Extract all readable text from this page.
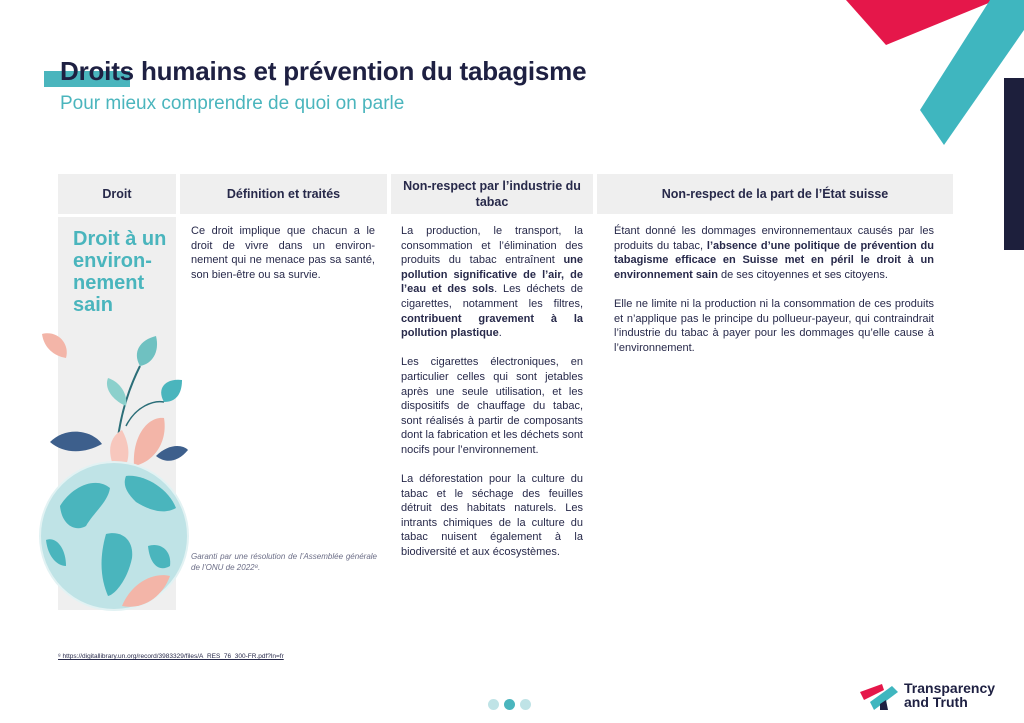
Droits humains et prévention du tabagisme
Pour mieux comprendre de quoi on parle
Droit	Définition et traités
Non-respect par l’industrie du tabac
Non-respect de la part de l’État suisse
Droit à un environ-nement sain
Ce droit implique que chacun a le droit de vivre dans un environ-nement qui ne menace pas sa santé, son bien-être ou sa survie.
Garanti par une résolution de l’Assemblée générale de l’ONU de 2022⁸.

La production, le transport, la consommation et l’élimination des produits du tabac entraînent une pollution significative de l’air, de l’eau et des sols. Les déchets de cigarettes, notamment les filtres, contribuent gravement à la pollution plastique.

Les cigarettes électroniques, en particulier celles qui sont jetables après une seule utilisation, et les dispositifs de chauffage du tabac, sont réalisés à partir de composants dont la fabrication et les déchets sont nocifs pour l’environnement.

La déforestation pour la culture du tabac et le séchage des feuilles détruit des habitats naturels. Les intrants chimiques de la culture du tabac nuisent également à la biodiversité et aux écosystèmes.

Étant donné les dommages environnementaux causés par les produits du tabac, l’absence d’une politique de prévention du tabagisme efficace en Suisse met en péril le droit à un environnement sain de ses citoyennes et ses citoyens.

Elle ne limite ni la production ni la consommation de ces produits et n’applique pas le principe du pollueur-payeur, qui contraindrait l’industrie du tabac à payer pour les dommages qu’elle cause à l’environnement.

⁸ https://digitallibrary.un.org/record/3983329/files/A_RES_76_300-FR.pdf?ln=fr
Transparency
and Truth
